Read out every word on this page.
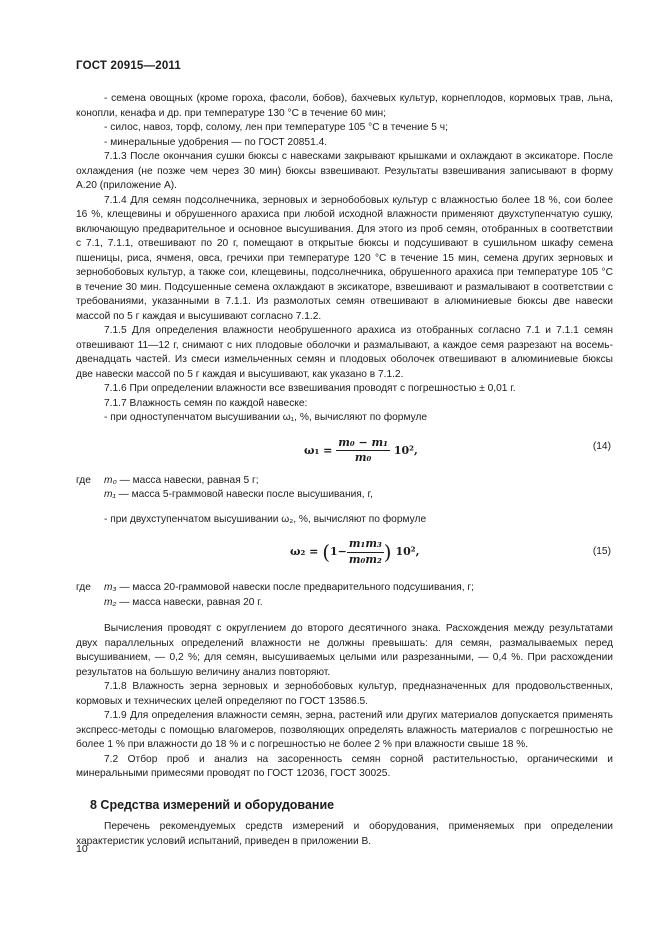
ГОСТ 20915—2011

- семена овощных (кроме гороха, фасоли, бобов), бахчевых культур, корнеплодов, кормовых трав, льна, конопли, кенафа и др. при температуре 130 °С в течение 60 мин;

- силос, навоз, торф, солому, лен при температуре 105 °С в течение 5 ч;

- минеральные удобрения — по ГОСТ 20851.4.

7.1.3 После окончания сушки бюксы с навесками закрывают крышками и охлаждают в эксикаторе. После охлаждения (не позже чем через 30 мин) бюксы взвешивают. Результаты взвешивания записывают в форму А.20 (приложение А).

7.1.4 Для семян подсолнечника, зерновых и зернобобовых культур с влажностью более 18 %, сои более 16 %, клещевины и обрушенного арахиса при любой исходной влажности применяют двухступенчатую сушку, включающую предварительное и основное высушивания. Для этого из проб семян, отобранных в соответствии с 7.1, 7.1.1, отвешивают по 20 г, помещают в открытые бюксы и подсушивают в сушильном шкафу семена пшеницы, риса, ячменя, овса, гречихи при температуре 120 °С в течение 15 мин, семена других зерновых и зернобобовых культур, а также сои, клещевины, подсолнечника, обрушенного арахиса при температуре 105 °С в течение 30 мин. Подсушенные семена охлаждают в эксикаторе, взвешивают и размалывают в соответствии с требованиями, указанными в 7.1.1. Из размолотых семян отвешивают в алюминиевые бюксы две навески массой по 5 г каждая и высушивают согласно 7.1.2.

7.1.5 Для определения влажности необрушенного арахиса из отобранных согласно 7.1 и 7.1.1 семян отвешивают 11—12 г, снимают с них плодовые оболочки и размалывают, а каждое семя разрезают на восемь-двенадцать частей. Из смеси измельченных семян и плодовых оболочек отвешивают в алюминиевые бюксы две навески массой по 5 г каждая и высушивают, как указано в 7.1.2.

7.1.6 При определении влажности все взвешивания проводят с погрешностью ± 0,01 г.

7.1.7 Влажность семян по каждой навеске:

- при одноступенчатом высушивании ω₁, %, вычисляют по формуле

$\omega_1 = \frac{\text{m₀ − m₁}}{\text{m₀}} 10^2$,	(14)
где m₀ — масса навески, равная 5 г;
m₁ — масса 5-граммовой навески после высушивания, г,

- при двухступенчатом высушивании ω₂, %, вычисляют по формуле

$\omega_2 = (1- \frac{\text{m₁m₃}}{\text{m₀m₂}}$ ) 10²,	(15)
где m₃ — масса 20-граммовой навески после предварительного подсушивания, г;
m₂ — масса навески, равная 20 г.

Вычисления проводят с округлением до второго десятичного знака. Расхождения между результатами двух параллельных определений влажности не должны превышать: для семян, размалываемых перед высушиванием, — 0,2 %; для семян, высушиваемых целыми или разрезанными, — 0,4 %. При расхождении результатов на большую величину анализ повторяют.

7.1.8 Влажность зерна зерновых и зернобобовых культур, предназначенных для продовольственных, кормовых и технических целей определяют по ГОСТ 13586.5.

7.1.9 Для определения влажности семян, зерна, растений или других материалов допускается применять экспресс-методы с помощью влагомеров, позволяющих определять влажность материалов с погрешностью не более 1 % при влажности до 18 % и с погрешностью не более 2 % при влажности свыше 18 %.

7.2 Отбор проб и анализ на засоренность семян сорной растительностью, органическими и минеральными примесями проводят по ГОСТ 12036, ГОСТ 30025.

8 Средства измерений и оборудование

Перечень рекомендуемых средств измерений и оборудования, применяемых при определении характеристик условий испытаний, приведен в приложении В.

10
